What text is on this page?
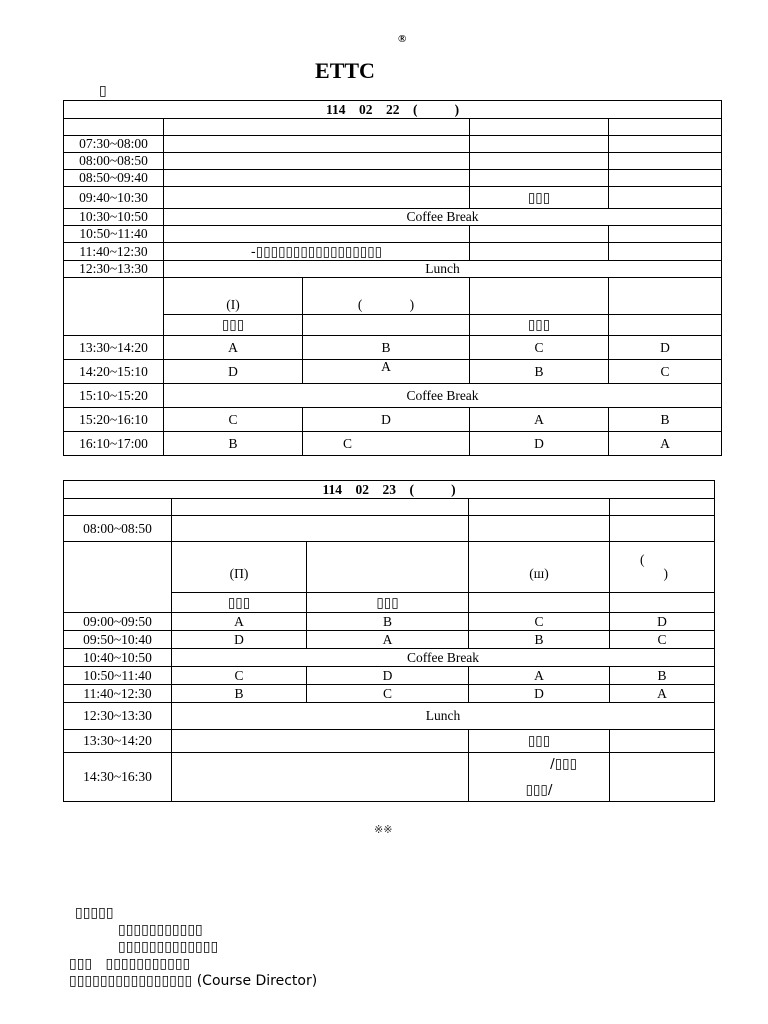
®
ETTC
▯
114 02 22 ( )				

07:30~08:00				
08:00~08:50				
08:50~09:40				
09:40~10:30			▯▯▯	
10:30~10:50	Coffee Break			
10:50~11:40				
11:40~12:30	-▯▯▯▯▯▯▯▯▯▯▯▯▯▯▯▯▯			
12:30~13:30	Lunch			
	(I)	(              )		
	▯▯▯		▯▯▯	
13:30~14:20	A	B	C	D
14:20~15:10	D	A	B	C
15:10~15:20	Coffee Break			
15:20~16:10	C	D	A	B
16:10~17:00	B	C	D	A
114 02 23 ( )				

08:00~08:50				
	(Π)		(ш)	(
)

	▯▯▯	▯▯▯		
09:00~09:50	A	B	C	D
09:50~10:40	D	A	B	C
10:40~10:50	Coffee Break			
10:50~11:40	C	D	A	B
11:40~12:30	B	C	D	A
12:30~13:30	Lunch			
13:30~14:20			▯▯▯	
14:30~16:30			/▯▯▯
▯▯▯/	

※※
▯▯▯▯▯
▯▯▯▯▯▯▯▯▯▯▯
▯▯▯▯▯▯▯▯▯▯▯▯▯
▯▯▯ ▯▯▯▯▯▯▯▯▯▯▯
▯▯▯▯▯▯▯▯▯▯▯▯▯▯▯▯ (Course Director)
